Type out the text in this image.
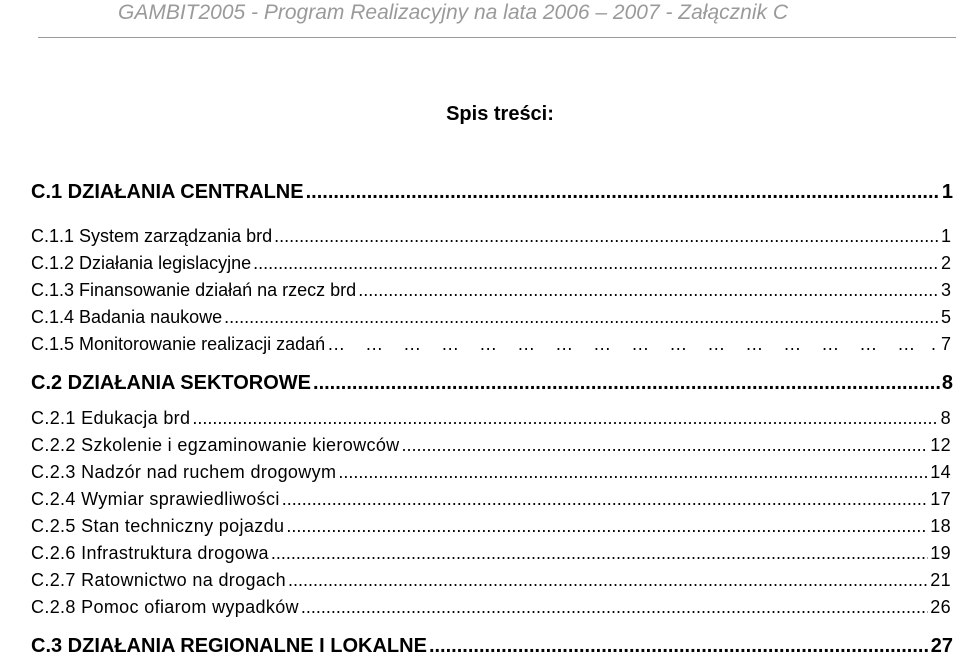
GAMBIT2005 - Program Realizacyjny na lata 2006 – 2007 - Załącznik C
Spis treści:
C.1 DZIAŁANIA CENTRALNE .....	1
C.1.1 System zarządzania brd .....	1
C.1.2 Działania legislacyjne .....	2
C.1.3 Finansowanie działań na rzecz brd .....	3
C.1.4 Badania naukowe .....	5
C.1.5 Monitorowanie realizacji zadań …    …    …    …    …    …    …    …    …    …    …    …    …    …    …    …    …    …    …	. 7
C.2 DZIAŁANIA SEKTOROWE .....	8
C.2.1 Edukacja brd .....	8
C.2.2 Szkolenie i egzaminowanie kierowców .....	12
C.2.3 Nadzór nad ruchem drogowym .....	14
C.2.4 Wymiar sprawiedliwości .....	17
C.2.5 Stan techniczny pojazdu .....	18
C.2.6 Infrastruktura drogowa .....	19
C.2.7 Ratownictwo na drogach .....	21
C.2.8 Pomoc ofiarom wypadków .....	26
C.3 DZIAŁANIA REGIONALNE I LOKALNE .....	27
